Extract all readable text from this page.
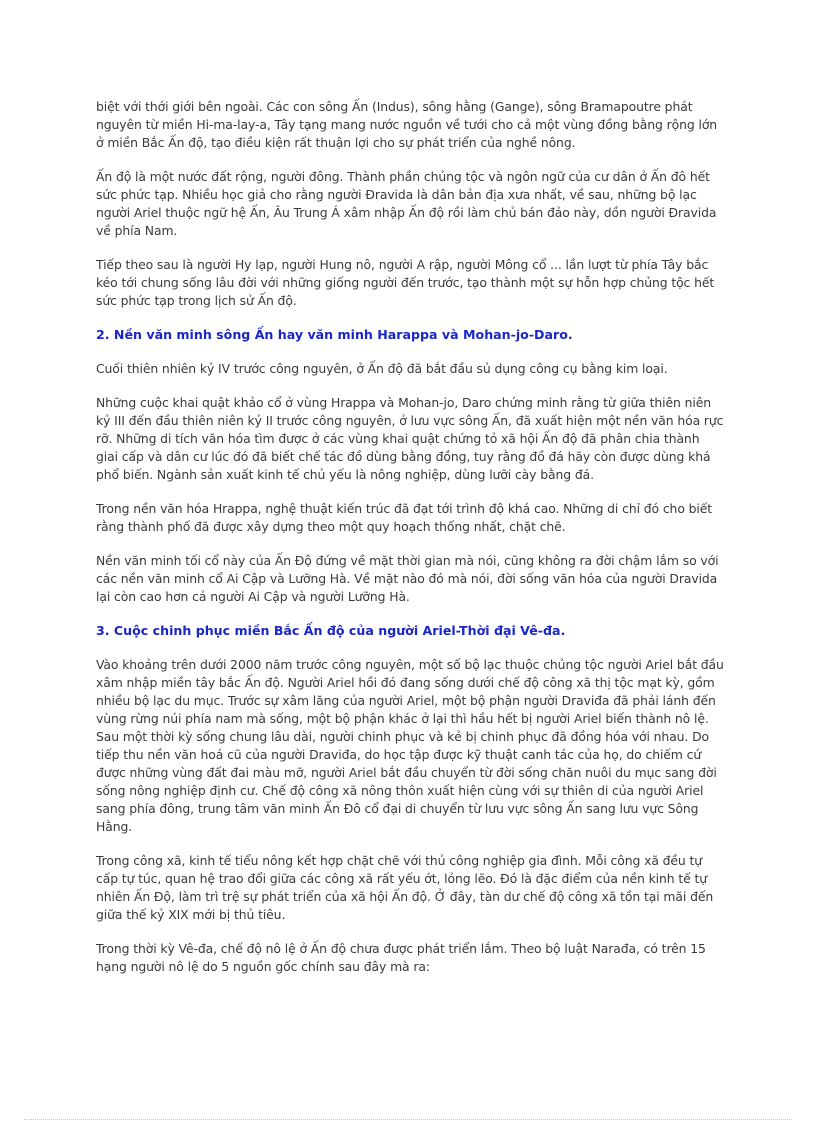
biệt với thới giới bên ngoài. Các con sông Ấn (Indus), sông hằng (Gange), sông Bramapoutre phát nguyên từ miền Hi-ma-lay-a, Tây tạng mang nước nguồn về tưới cho cả một vùng đồng bằng rộng lớn ở miền Bắc Ấn độ, tạo điều kiện rất thuận lợi cho sự phát triển của nghề nông.

Ấn độ là một nước đất rộng, người đông. Thành phần chủng tộc và ngôn ngữ của cư dân ở Ấn đô hết sức phức tạp. Nhiều học giả cho rằng người Đravida là dân bản địa xưa nhất, về sau, những bộ lạc người Ariel thuộc ngữ hệ Ấn, Âu Trung Á xâm nhập Ấn độ rồi làm chủ bán đảo này, dồn người Đravida về phía Nam.

Tiếp theo sau là người Hy lạp, người Hung nô, người A rập, người Mông cổ ... lần lượt từ phía Tây bắc kéo tới chung sống lâu đời với những giống người đến trước, tạo thành một sự hỗn hợp chủng tộc hết sức phức tạp trong lịch sử Ấn độ.

2. Nền văn minh sông Ấn hay văn minh Harappa và Mohan-jo-Daro.

Cuối thiên nhiên kỷ IV trước công nguyên, ở Ấn độ đã bắt đầu sủ dụng công cụ bằng kim loại.

Những cuộc khai quật khảo cổ ở vùng Hrappa và Mohan-jo, Daro chứng minh rằng từ giữa thiên niên kỷ III đến đầu thiên niên kỷ II trước công nguyên, ở lưu vực sông Ấn, đã xuất hiện một nền văn hóa rực rỡ. Những di tích văn hóa tìm được ở các vùng khai quật chứng tỏ xã hội Ấn độ đã phân chia thành giai cấp và dân cư lúc đó đã biết chế tác đồ dùng bằng đồng, tuy rằng đồ đá hãy còn được dùng khá phổ biến. Ngành sản xuất kinh tế chủ yếu là nông nghiệp, dùng lưỡi cày bằng đá.

Trong nền văn hóa Hrappa, nghệ thuật kiến trúc đã đạt tới trình độ khá cao. Những di chỉ đó cho biết rằng thành phố đã được xây dựng theo một quy hoạch thống nhất, chặt chẽ.

Nền văn minh tối cổ này của Ấn Độ đứng về mặt thời gian mà nói, cũng không ra đời chậm lắm so với các nền văn minh cổ Ai Cập và Lưỡng Hà. Về mặt nào đó mà nói, đời sống văn hóa của người Dravida lại còn cao hơn cả người Ai Cập và người Lưỡng Hà.

3. Cuộc chinh phục miền Bắc Ấn độ của người Ariel-Thời đại Vê-đa.

Vào khoảng trên dưới 2000 năm trước công nguyên, một số bộ lạc thuộc chủng tộc người Ariel bắt đầu xâm nhập miền tây bắc Ấn độ. Người Ariel hồi đó đang sống dưới chế độ công xã thị tộc mạt kỳ, gồm nhiều bộ lạc du mục. Trước sự xâm lăng của người Ariel, một bộ phận người Draviđa đã phải lánh đến vùng rừng núi phía nam mà sống, một bộ phận khác ở lại thì hầu hết bị người Ariel biến thành nô lệ. Sau một thời kỳ sống chung lâu dài, người chinh phục và kẻ bị chinh phục đã đồng hóa với nhau. Do tiếp thu nền văn hoá cũ của người Draviđa, do học tập được kỹ thuật canh tác của họ, do chiếm cứ được những vùng đất đai màu mỡ, người Ariel bắt đầu chuyển từ đời sống chăn nuôi du mục sang đời sống nông nghiệp định cư. Chế độ công xã nông thôn xuất hiện cùng với sự thiên di của người Ariel sang phía đông, trung tâm văn minh Ấn Đô cổ đại di chuyển từ lưu vực sông Ấn sang lưu vực Sông Hằng.

Trong công xã, kinh tế tiểu nông kết hợp chặt chẽ với thủ công nghiệp gia đình. Mỗi công xã đều tự cấp tự túc, quan hệ trao đổi giữa các công xã rất yếu ớt, lỏng lẽo. Đó là đặc điểm của nền kinh tế tự nhiên Ấn Độ, làm trì trệ sự phát triển của xã hội Ấn độ. Ở đây, tàn dư chế độ công xã tồn tại mãi đến giữa thế kỷ XIX mới bị thủ tiêu.

Trong thời kỳ Vê-đa, chế độ nô lệ ở Ấn độ chưa được phát triển lắm. Theo bộ luật Narađa, có trên 15 hạng người nô lệ do 5 nguồn gốc chính sau đây mà ra:
